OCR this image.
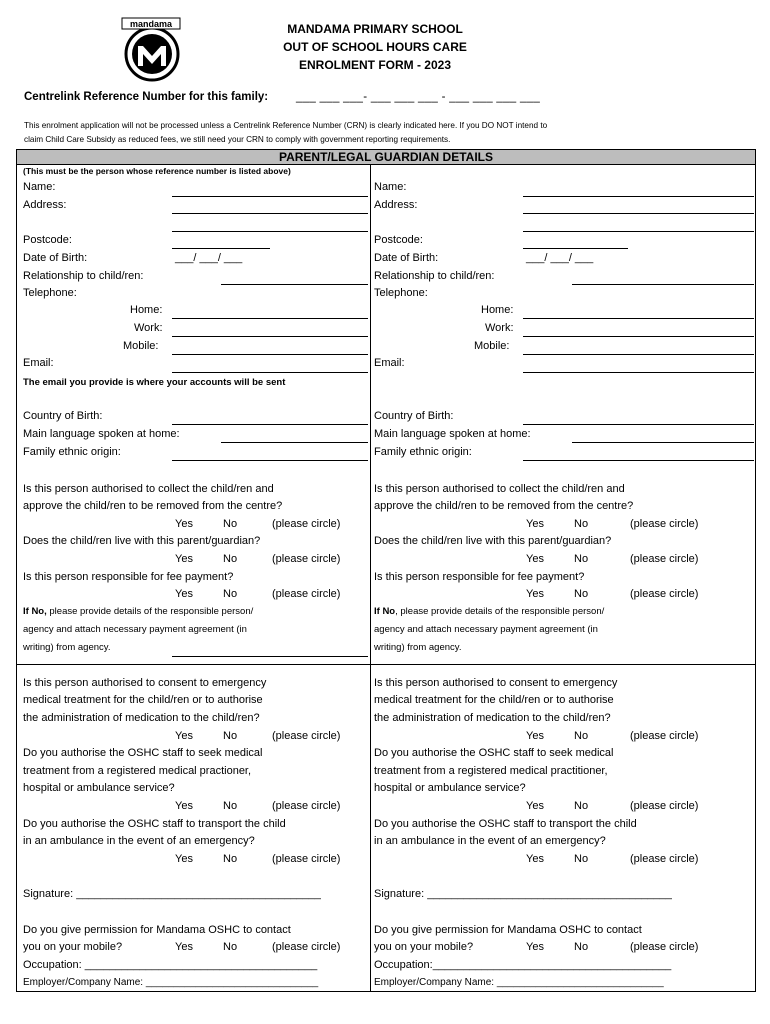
mandama	MANDAMA PRIMARY SCHOOL
OUT OF SCHOOL HOURS CARE
ENROLMENT FORM - 2023
Centrelink Reference Number for this family: ___ ___ ___- ___ ___ ___ - ___ ___ ___ ___
This enrolment application will not be processed unless a Centrelink Reference Number (CRN) is clearly indicated here. If you DO NOT intend to
claim Child Care Subsidy as reduced fees, we still need your CRN to comply with government reporting requirements.
PARENT/LEGAL GUARDIAN DETAILS
(This must be the person whose reference number is listed above)
Name:
Address:
Postcode:
Date of Birth:	___/ ___/ ___
Relationship to child/ren:
Telephone:
Home:
Work:
Mobile:
Email:
The email you provide is where your accounts will be sent
Country of Birth:
Main language spoken at home:
Family ethnic origin:
Is this person authorised to collect the child/ren and
approve the child/ren to be removed from the centre?
Yes	No	(please circle)
Does the child/ren live with this parent/guardian?
Yes	No	(please circle)
Is this person responsible for fee payment?
Yes	No	(please circle)
If No, please provide details of the responsible person/
agency and attach necessary payment agreement (in
writing) from agency.
Is this person authorised to consent to emergency
medical treatment for the child/ren or to authorise
the administration of medication to the child/ren?
Yes	No	(please circle)
Do you authorise the OSHC staff to seek medical
treatment from a registered medical practioner,
hospital or ambulance service?
Yes	No	(please circle)
Do you authorise the OSHC staff to transport the child
in an ambulance in the event of an emergency?
Yes	No	(please circle)
Signature: ________________________________________
Do you give permission for Mandama OSHC to contact
you on your mobile?	Yes	No	(please circle)
Occupation: ______________________________________
Employer/Company Name: _______________________________
Name:
Address:
Postcode:
Date of Birth:	___/ ___/ ___
Relationship to child/ren:
Telephone:
Home:
Work:
Mobile:
Email:
Country of Birth:
Main language spoken at home:
Family ethnic origin:
Is this person authorised to collect the child/ren and
approve the child/ren to be removed from the centre?
Yes	No	(please circle)
Does the child/ren live with this parent/guardian?
Yes	No	(please circle)
Is this person responsible for fee payment?
Yes	No	(please circle)
If No, please provide details of the responsible person/
agency and attach necessary payment agreement (in
writing) from agency.
Is this person authorised to consent to emergency
medical treatment for the child/ren or to authorise
the administration of medication to the child/ren?
Yes	No	(please circle)
Do you authorise the OSHC staff to seek medical
treatment from a registered medical practitioner,
hospital or ambulance service?
Yes	No	(please circle)
Do you authorise the OSHC staff to transport the child
in an ambulance in the event of an emergency?
Yes	No	(please circle)
Signature: ________________________________________
Do you give permission for Mandama OSHC to contact
you on your mobile?	Yes	No	(please circle)
Occupation:_______________________________________
Employer/Company Name: ______________________________
